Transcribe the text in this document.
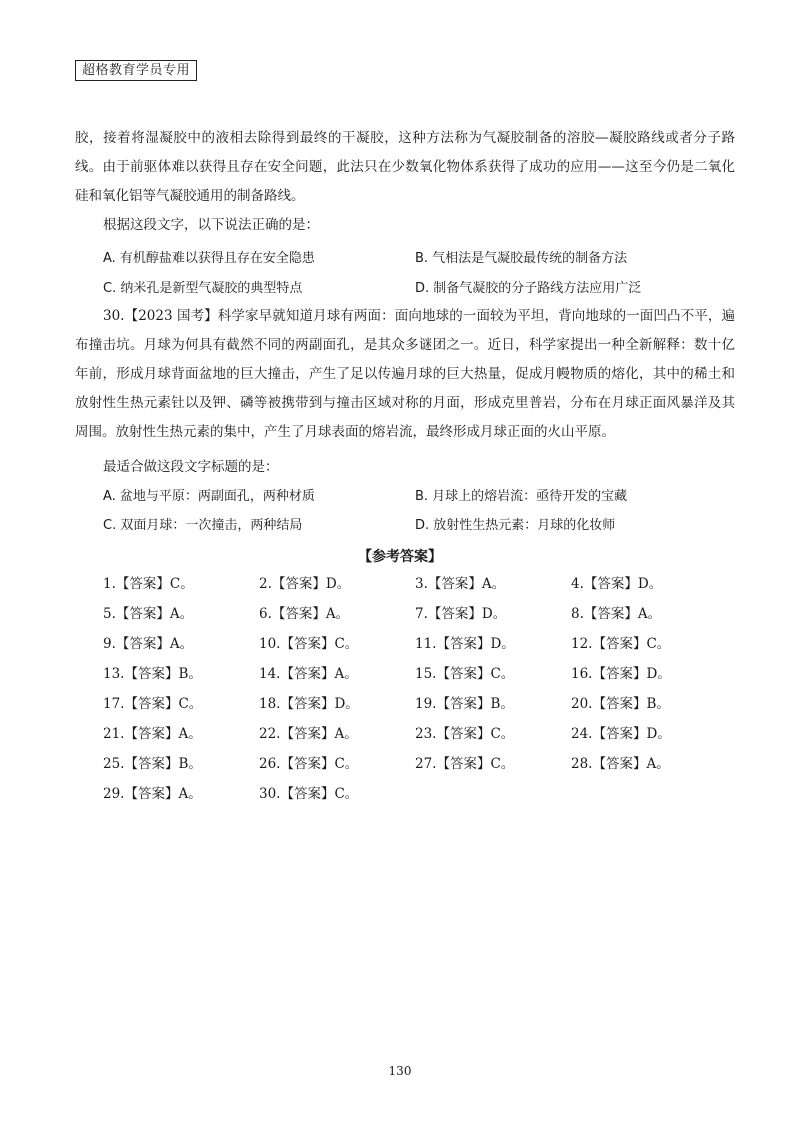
超格教育学员专用

胶，接着将湿凝胶中的液相去除得到最终的干凝胶，这种方法称为气凝胶制备的溶胶—凝胶路线或者分子路线。由于前驱体难以获得且存在安全问题，此法只在少数氧化物体系获得了成功的应用——这至今仍是二氧化硅和氧化铝等气凝胶通用的制备路线。

根据这段文字，以下说法正确的是：

A. 有机醇盐难以获得且存在安全隐患	B. 气相法是气凝胶最传统的制备方法
C. 纳米孔是新型气凝胶的典型特点	D. 制备气凝胶的分子路线方法应用广泛

30.【2023 国考】科学家早就知道月球有两面：面向地球的一面较为平坦，背向地球的一面凹凸不平，遍布撞击坑。月球为何具有截然不同的两副面孔，是其众多谜团之一。近日，科学家提出一种全新解释：数十亿年前，形成月球背面盆地的巨大撞击，产生了足以传遍月球的巨大热量，促成月幔物质的熔化，其中的稀土和放射性生热元素钍以及钾、磷等被携带到与撞击区域对称的月面，形成克里普岩，分布在月球正面风暴洋及其周围。放射性生热元素的集中，产生了月球表面的熔岩流，最终形成月球正面的火山平原。

最适合做这段文字标题的是：

A. 盆地与平原：两副面孔，两种材质	B. 月球上的熔岩流：亟待开发的宝藏
C. 双面月球：一次撞击，两种结局	D. 放射性生热元素：月球的化妆师
【参考答案】
1.【答案】C。	2.【答案】D。	3.【答案】A。	4.【答案】D。
5.【答案】A。	6.【答案】A。	7.【答案】D。	8.【答案】A。
9.【答案】A。	10.【答案】C。	11.【答案】D。	12.【答案】C。
13.【答案】B。	14.【答案】A。	15.【答案】C。	16.【答案】D。
17.【答案】C。	18.【答案】D。	19.【答案】B。	20.【答案】B。
21.【答案】A。	22.【答案】A。	23.【答案】C。	24.【答案】D。
25.【答案】B。	26.【答案】C。	27.【答案】C。	28.【答案】A。
29.【答案】A。	30.【答案】C。
130
